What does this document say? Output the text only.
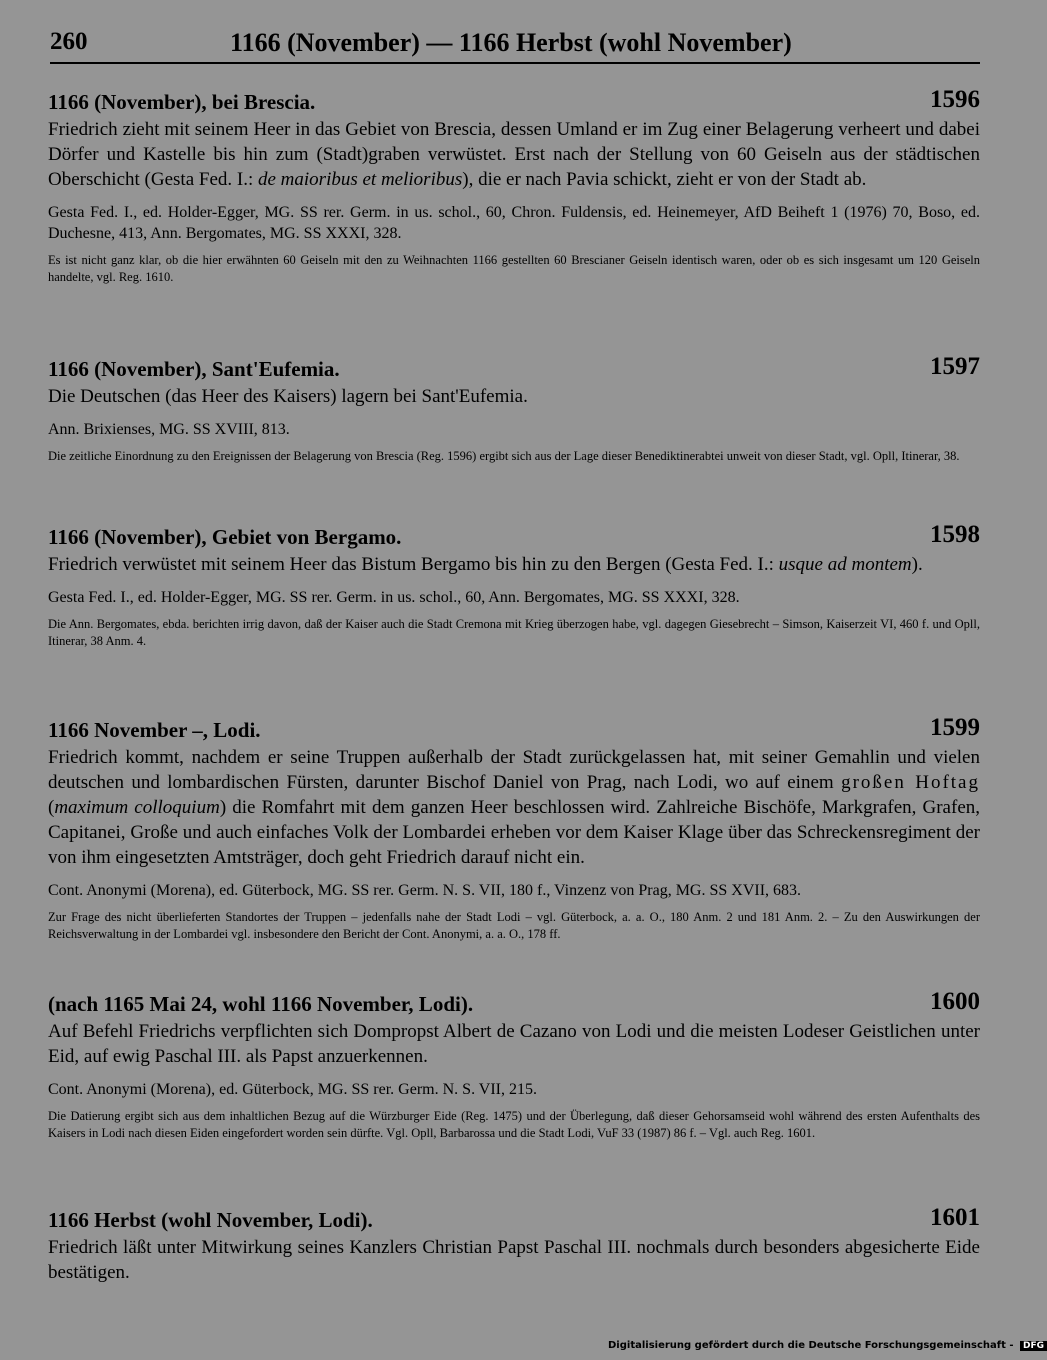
260	1166 (November) — 1166 Herbst (wohl November)
1166 (November), bei Brescia.	1596
Friedrich zieht mit seinem Heer in das Gebiet von Brescia, dessen Umland er im Zug einer Belagerung verheert und dabei Dörfer und Kastelle bis hin zum (Stadt)graben verwüstet. Erst nach der Stellung von 60 Geiseln aus der städtischen Oberschicht (Gesta Fed. I.: de maioribus et melioribus), die er nach Pavia schickt, zieht er von der Stadt ab.
Gesta Fed. I., ed. Holder-Egger, MG. SS rer. Germ. in us. schol., 60, Chron. Fuldensis, ed. Heinemeyer, AfD Beiheft 1 (1976) 70, Boso, ed. Duchesne, 413, Ann. Bergomates, MG. SS XXXI, 328.
Es ist nicht ganz klar, ob die hier erwähnten 60 Geiseln mit den zu Weihnachten 1166 gestellten 60 Brescianer Geiseln identisch waren, oder ob es sich insgesamt um 120 Geiseln handelte, vgl. Reg. 1610.
1166 (November), Sant'Eufemia.	1597
Die Deutschen (das Heer des Kaisers) lagern bei Sant'Eufemia.
Ann. Brixienses, MG. SS XVIII, 813.
Die zeitliche Einordnung zu den Ereignissen der Belagerung von Brescia (Reg. 1596) ergibt sich aus der Lage dieser Benediktinerabtei unweit von dieser Stadt, vgl. Opll, Itinerar, 38.
1166 (November), Gebiet von Bergamo.	1598
Friedrich verwüstet mit seinem Heer das Bistum Bergamo bis hin zu den Bergen (Gesta Fed. I.: usque ad montem).
Gesta Fed. I., ed. Holder-Egger, MG. SS rer. Germ. in us. schol., 60, Ann. Bergomates, MG. SS XXXI, 328.
Die Ann. Bergomates, ebda. berichten irrig davon, daß der Kaiser auch die Stadt Cremona mit Krieg überzogen habe, vgl. dagegen Giesebrecht – Simson, Kaiserzeit VI, 460 f. und Opll, Itinerar, 38 Anm. 4.
1166 November –, Lodi.	1599
Friedrich kommt, nachdem er seine Truppen außerhalb der Stadt zurückgelassen hat, mit seiner Gemahlin und vielen deutschen und lombardischen Fürsten, darunter Bischof Daniel von Prag, nach Lodi, wo auf einem großen Hoftag (maximum colloquium) die Romfahrt mit dem ganzen Heer beschlossen wird. Zahlreiche Bischöfe, Markgrafen, Grafen, Capitanei, Große und auch einfaches Volk der Lombardei erheben vor dem Kaiser Klage über das Schreckensregiment der von ihm eingesetzten Amtsträger, doch geht Friedrich darauf nicht ein.
Cont. Anonymi (Morena), ed. Güterbock, MG. SS rer. Germ. N. S. VII, 180 f., Vinzenz von Prag, MG. SS XVII, 683.
Zur Frage des nicht überlieferten Standortes der Truppen – jedenfalls nahe der Stadt Lodi – vgl. Güterbock, a. a. O., 180 Anm. 2 und 181 Anm. 2. – Zu den Auswirkungen der Reichsverwaltung in der Lombardei vgl. insbesondere den Bericht der Cont. Anonymi, a. a. O., 178 ff.
(nach 1165 Mai 24, wohl 1166 November, Lodi).	1600
Auf Befehl Friedrichs verpflichten sich Dompropst Albert de Cazano von Lodi und die meisten Lodeser Geistlichen unter Eid, auf ewig Paschal III. als Papst anzuerkennen.
Cont. Anonymi (Morena), ed. Güterbock, MG. SS rer. Germ. N. S. VII, 215.
Die Datierung ergibt sich aus dem inhaltlichen Bezug auf die Würzburger Eide (Reg. 1475) und der Überlegung, daß dieser Gehorsamseid wohl während des ersten Aufenthalts des Kaisers in Lodi nach diesen Eiden eingefordert worden sein dürfte. Vgl. Opll, Barbarossa und die Stadt Lodi, VuF 33 (1987) 86 f. – Vgl. auch Reg. 1601.
1166 Herbst (wohl November, Lodi).	1601
Friedrich läßt unter Mitwirkung seines Kanzlers Christian Papst Paschal III. nochmals durch besonders abgesicherte Eide bestätigen.
Digitalisierung gefördert durch die Deutsche Forschungsgemeinschaft - DFG
